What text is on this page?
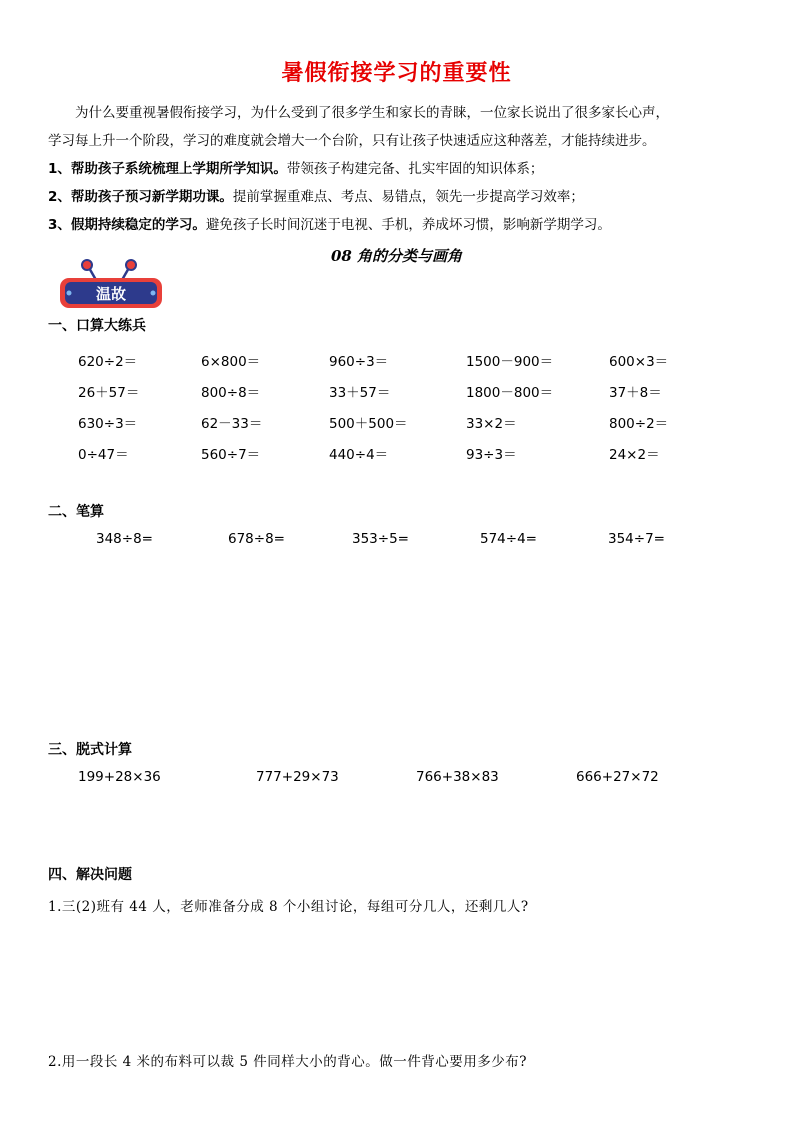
暑假衔接学习的重要性

为什么要重视暑假衔接学习，为什么受到了很多学生和家长的青睐，一位家长说出了很多家长心声，

学习每上升一个阶段，学习的难度就会增大一个台阶，只有让孩子快速适应这种落差，才能持续进步。

1、帮助孩子系统梳理上学期所学知识。带领孩子构建完备、扎实牢固的知识体系；

2、帮助孩子预习新学期功课。提前掌握重难点、考点、易错点，领先一步提高学习效率；

3、假期持续稳定的学习。避免孩子长时间沉迷于电视、手机，养成坏习惯，影响新学期学习。

08 角的分类与画角
温故
一、口算大练兵
620÷2＝	6×800＝	960÷3＝	1500－900＝	600×3＝
26＋57＝	800÷8＝	33＋57＝	1800－800＝	37＋8＝
630÷3＝	62－33＝	500＋500＝	33×2＝	800÷2＝
0÷47＝	560÷7＝	440÷4＝	93÷3＝	24×2＝
二、笔算
348÷8=	678÷8=	353÷5=	574÷4=	354÷7=
三、脱式计算
199+28×36	777+29×73	766+38×83	666+27×72
四、解决问题
1.三(2)班有 44 人，老师准备分成 8 个小组讨论，每组可分几人，还剩几人?
2.用一段长 4 米的布料可以裁 5 件同样大小的背心。做一件背心要用多少布?
